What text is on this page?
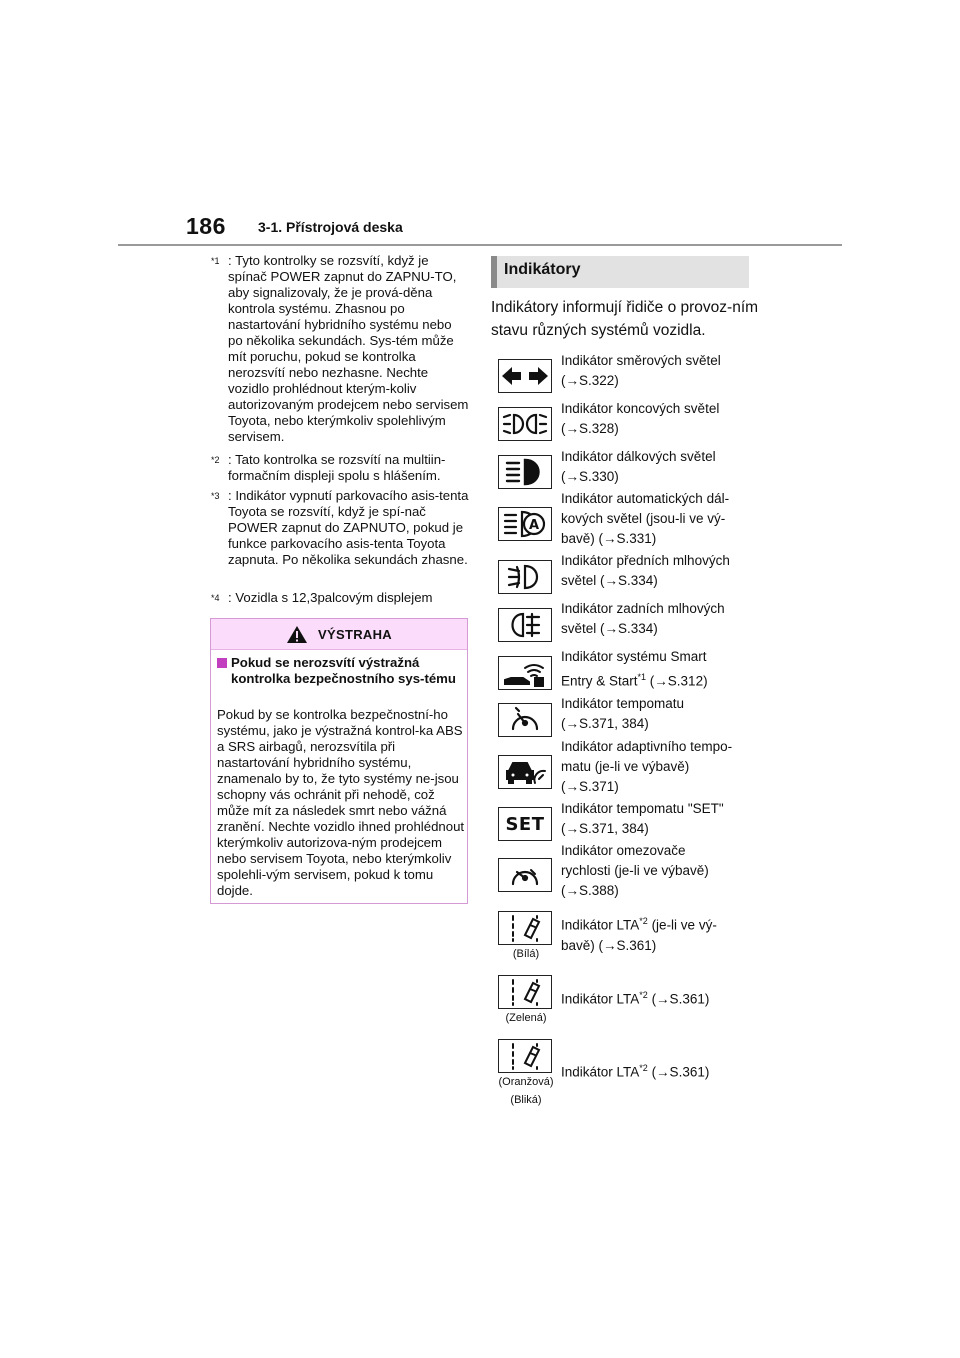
186 3-1. Přístrojová deska
$^{*1}$ : Tyto kontrolky se rozsvítí, když je spínač POWER zapnut do ZAPNU-TO, aby signalizovaly, že je prová-děna kontrola systému. Zhasnou po nastartování hybridního systému nebo po několika sekundách. Sys-tém může mít poruchu, pokud se kontrolka nerozsvítí nebo nezhasne. Nechte vozidlo prohlédnout kterým-koliv autorizovaným prodejcem nebo servisem Toyota, nebo kterýmkoliv spolehlivým servisem.
$^{*2}$ : Tato kontrolka se rozsvítí na multiin-formačním displeji spolu s hlášením.
$^{*3}$ : Indikátor vypnutí parkovacího asis-tenta Toyota se rozsvítí, když je spí-nač POWER zapnut do ZAPNUTO, pokud je funkce parkovacího asis-tenta Toyota zapnuta. Po několika sekundách zhasne.
$^{*4}$ : Vozidla s 12,3palcovým displejem
VÝSTRAHA
Pokud se nerozsvítí výstražná kontrolka bezpečnostního sys-tému
Pokud by se kontrolka bezpečnostní-ho systému, jako je výstražná kontrol-ka ABS a SRS airbagů, nerozsvítila při nastartování hybridního systému, znamenalo by to, že tyto systémy ne-jsou schopny vás ochránit při nehodě, což může mít za následek smrt nebo vážná zranění. Nechte vozidlo ihned prohlédnout kterýmkoliv autorizova-ným prodejcem nebo servisem Toyota, nebo kterýmkoliv spolehli-vým servisem, pokud k tomu dojde.
Indikátory
Indikátory informují řidiče o provoz-ním stavu různých systémů vozidla.
Indikátor směrových světel
(→S.322)
Indikátor koncových světel
(→S.328)
Indikátor dálkových světel
(→S.330)
A
Indikátor automatických dál-
kových světel (jsou-li ve vý-
bavě) (→S.331)
Indikátor předních mlhových
světel (→S.334)
Indikátor zadních mlhových
světel (→S.334)
Indikátor systému Smart
Entry & Start$^{*1}$ (→S.312)
Indikátor tempomatu
(→S.371, 384)
Indikátor adaptivního tempo-
matu (je-li ve výbavě)
(→S.371)
SET
Indikátor tempomatu "SET"
(→S.371, 384)
Indikátor omezovače
rychlosti (je-li ve výbavě)
(→S.388)
(Bílá)
Indikátor LTA$^{*2}$ (je-li ve vý-
bavě) (→S.361)
(Zelená)
Indikátor LTA$^{*2}$ (→S.361)
(Oranžová)
(Bliká)
Indikátor LTA$^{*2}$ (→S.361)
